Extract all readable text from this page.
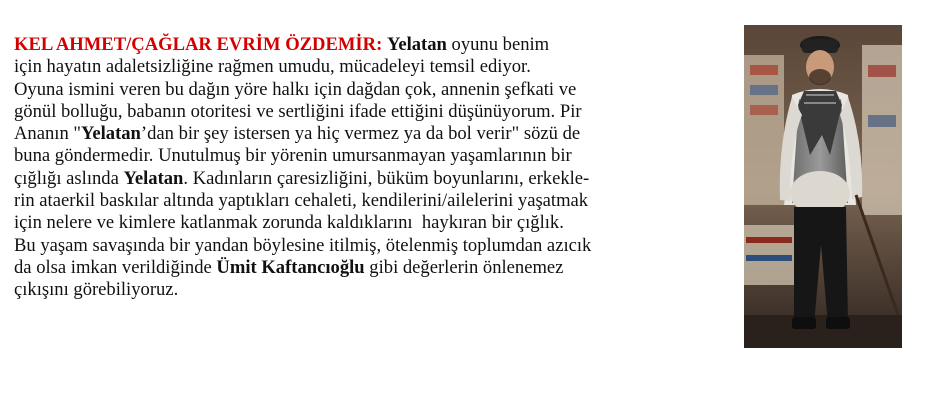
KEL AHMET/ÇAĞLAR EVRİM ÖZDEMİR: Yelatan oyunu benim
için hayatın adaletsizliğine rağmen umudu, mücadeleyi temsil ediyor.
Oyuna ismini veren bu dağın yöre halkı için dağdan çok, annenin şefkati ve
gönül bolluğu, babanın otoritesi ve sertliğini ifade ettiğini düşünüyorum. Pir
Ananın "Yelatan’dan bir şey istersen ya hiç vermez ya da bol verir" sözü de
buna göndermedir. Unutulmuş bir yörenin umursanmayan yaşamlarının bir
çığlığı aslında Yelatan. Kadınların çaresizliğini, büküm boyunlarını, erkekle-
rin ataerkil baskılar altında yaptıkları cehaleti, kendilerini/ailelerini yaşatmak
için nelere ve kimlere katlanmak zorunda kaldıklarını  haykıran bir çığlık.
Bu yaşam savaşında bir yandan böylesine itilmiş, ötelenmiş toplumdan azıcık
da olsa imkan verildiğinde Ümit Kaftancıoğlu gibi değerlerin önlenemez
çıkışını görebiliyoruz.
